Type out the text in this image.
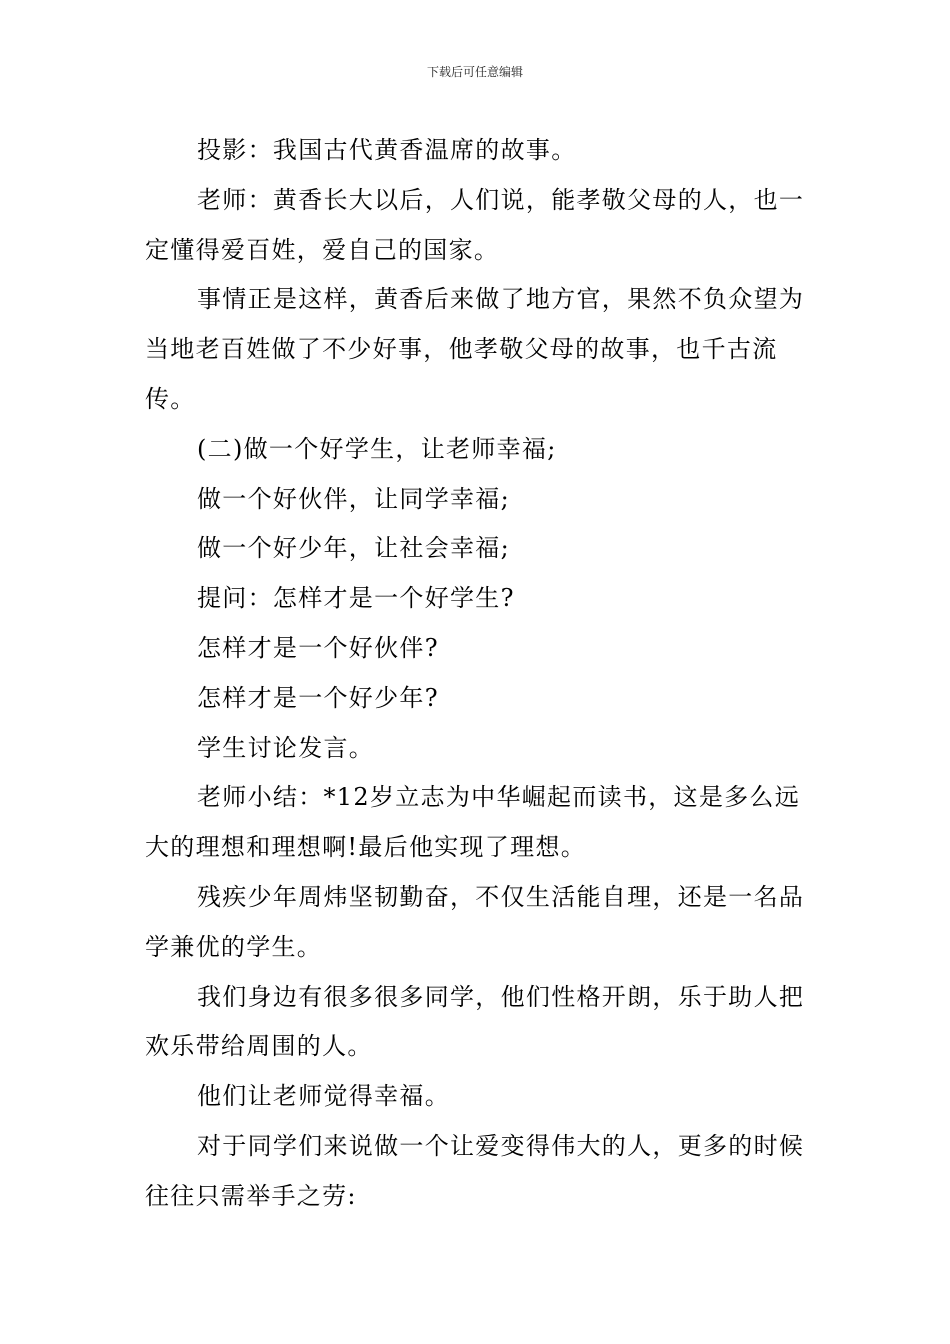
下载后可任意编辑

投影：我国古代黄香温席的故事。

老师：黄香长大以后，人们说，能孝敬父母的人，也一定懂得爱百姓，爱自己的国家。

事情正是这样，黄香后来做了地方官，果然不负众望为当地老百姓做了不少好事，他孝敬父母的故事，也千古流传。

(二)做一个好学生，让老师幸福;

做一个好伙伴，让同学幸福;

做一个好少年，让社会幸福;

提问：怎样才是一个好学生?

怎样才是一个好伙伴?

怎样才是一个好少年?

学生讨论发言。

老师小结：*12岁立志为中华崛起而读书，这是多么远大的理想和理想啊!最后他实现了理想。

残疾少年周炜坚韧勤奋，不仅生活能自理，还是一名品学兼优的学生。

我们身边有很多很多同学，他们性格开朗，乐于助人把欢乐带给周围的人。

他们让老师觉得幸福。

对于同学们来说做一个让爱变得伟大的人，更多的时候往往只需举手之劳:
